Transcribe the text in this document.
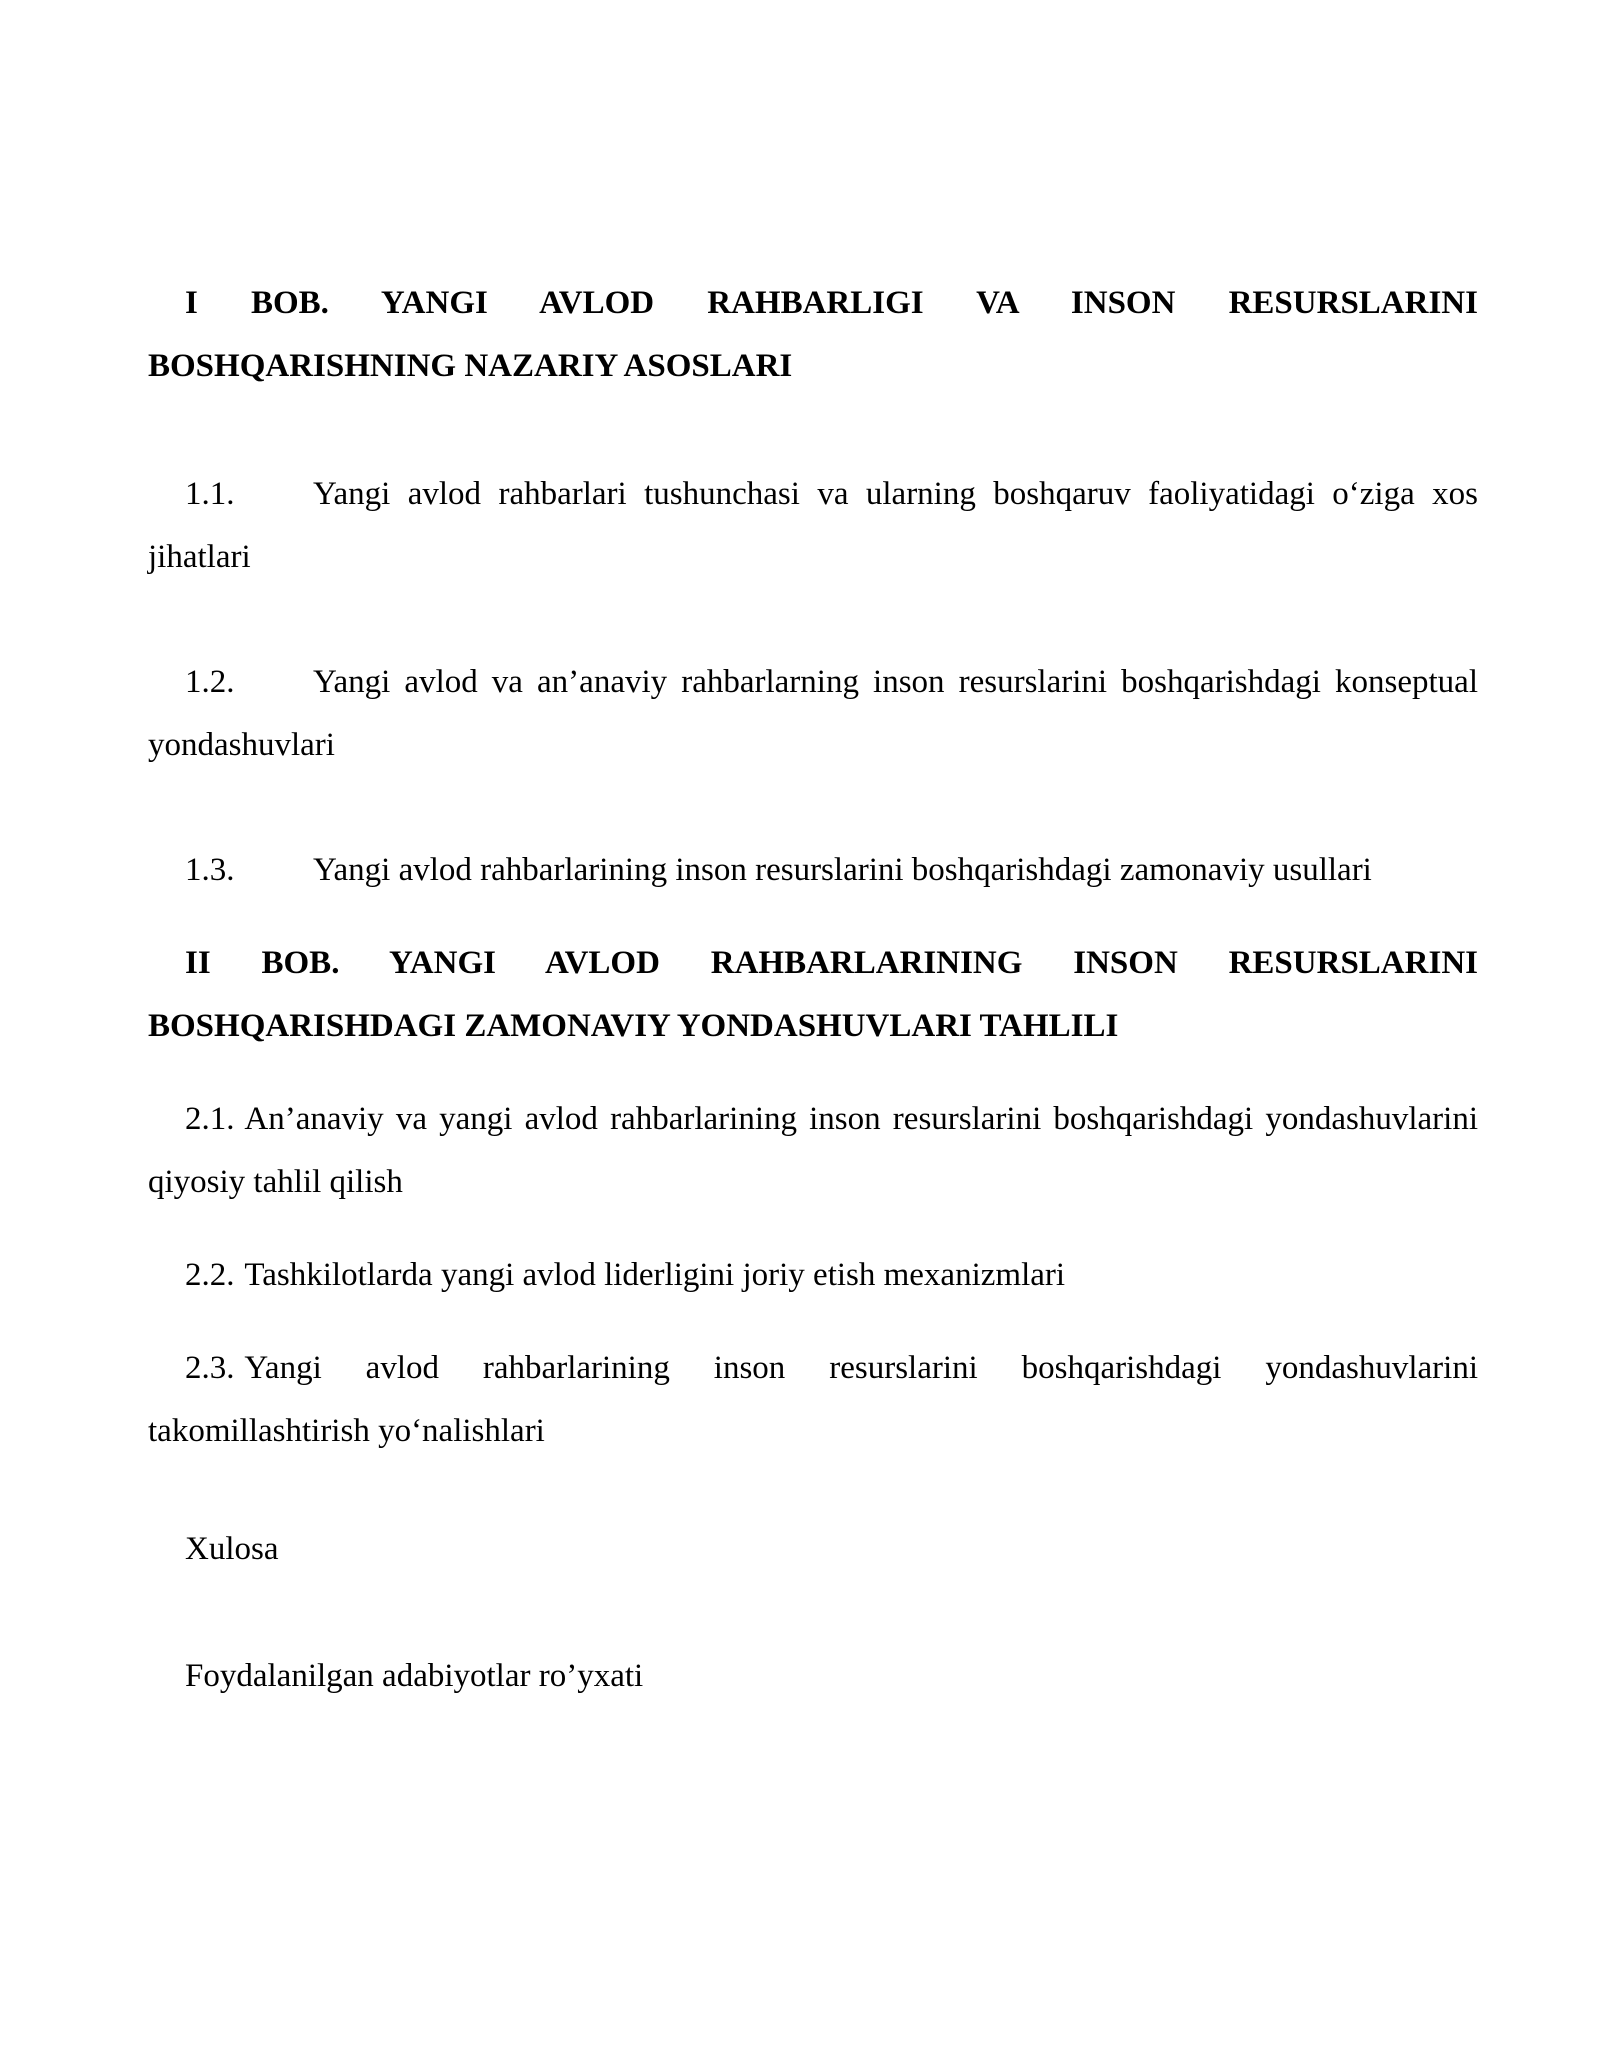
I BOB. YANGI AVLOD RAHBARLIGI VA INSON RESURSLARINI BOSHQARISHNING NAZARIY ASOSLARI

1.1. Yangi avlod rahbarlari tushunchasi va ularning boshqaruv faoliyatidagi o‘ziga xos jihatlari

1.2. Yangi avlod va an’anaviy rahbarlarning inson resurslarini boshqarishdagi konseptual yondashuvlari

1.3. Yangi avlod rahbarlarining inson resurslarini boshqarishdagi zamonaviy usullari

II BOB. YANGI AVLOD RAHBARLARINING INSON RESURSLARINI BOSHQARISHDAGI ZAMONAVIY YONDASHUVLARI TAHLILI

2.1. An’anaviy va yangi avlod rahbarlarining inson resurslarini boshqarishdagi yondashuvlarini qiyosiy tahlil qilish

2.2. Tashkilotlarda yangi avlod liderligini joriy etish mexanizmlari

2.3. Yangi avlod rahbarlarining inson resurslarini boshqarishdagi yondashuvlarini takomillashtirish yo‘nalishlari

Xulosa

Foydalanilgan adabiyotlar ro’yxati
